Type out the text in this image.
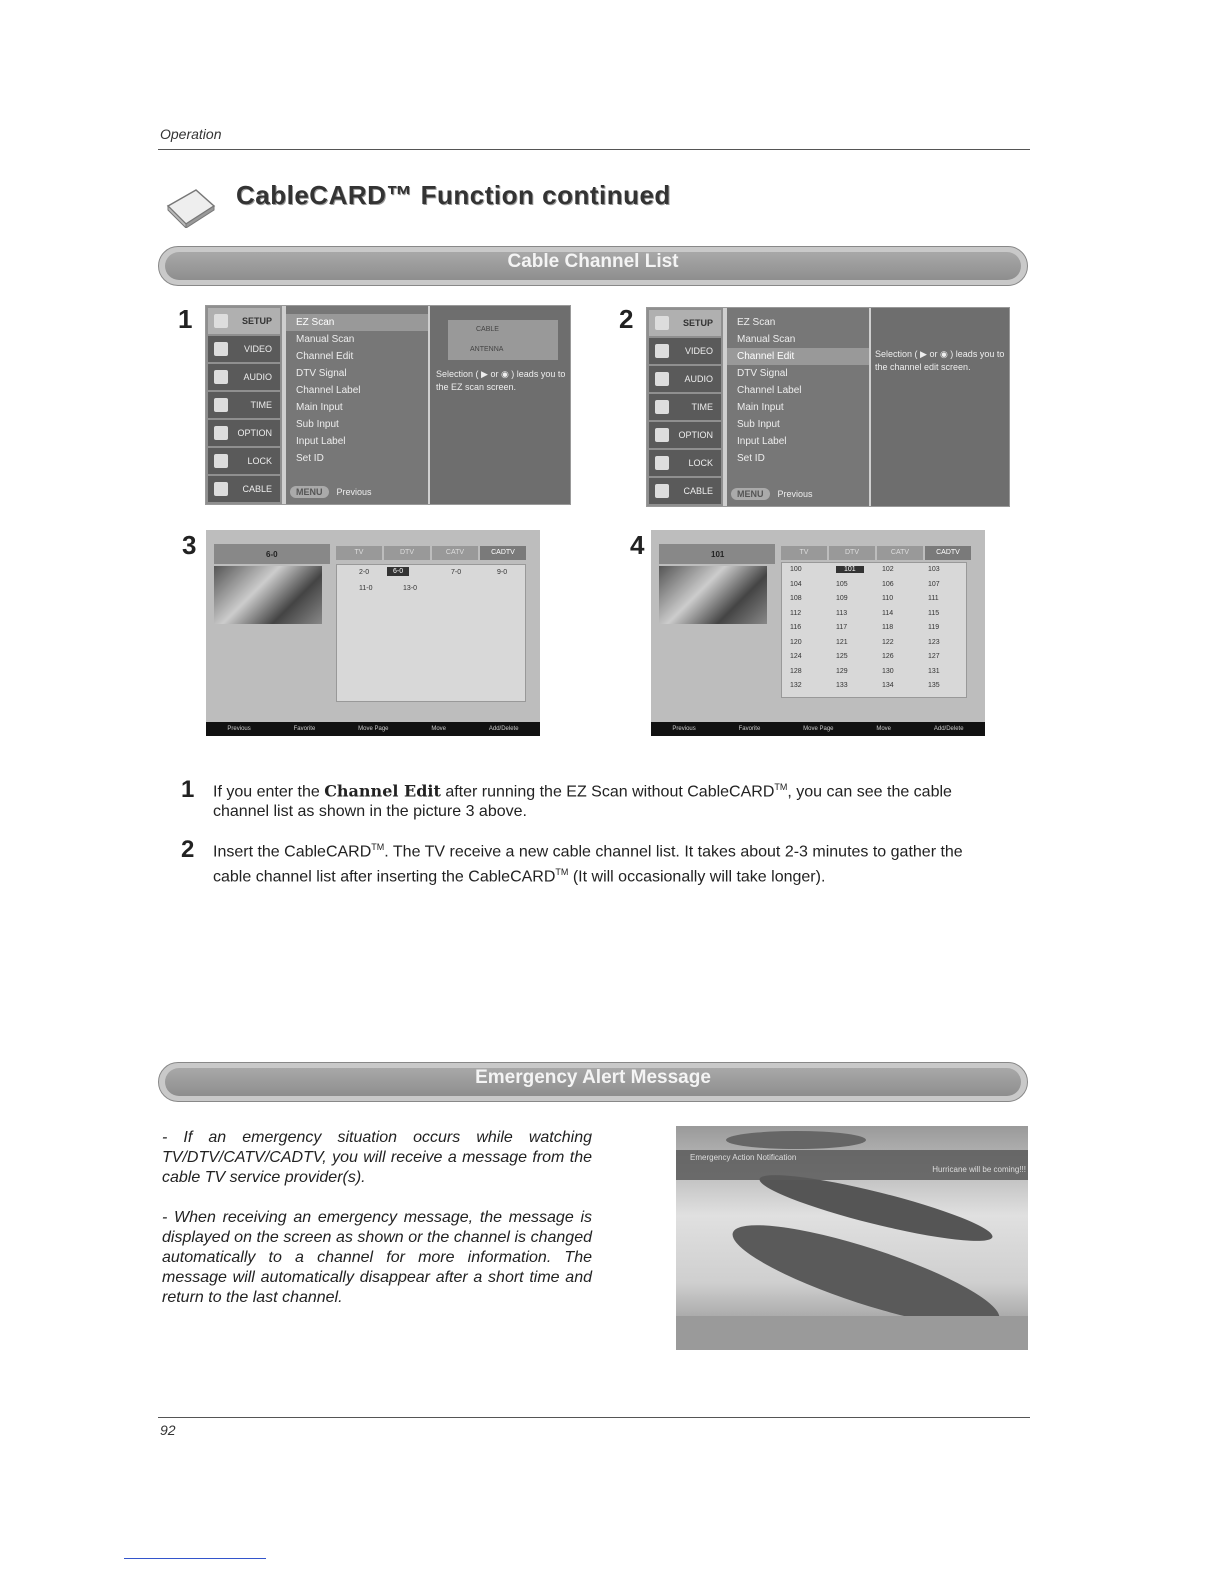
Operation
CableCARD™ Function continued
Cable Channel List
1	2
3	4
SETUP
VIDEO
AUDIO
TIME
OPTION
LOCK
CABLE
EZ Scan
Manual Scan
Channel Edit
DTV Signal
Channel Label
Main Input
Sub Input
Input Label
Set ID
MENU Previous
CABLE
ANTENNA
Selection ( ▶ or ◉ ) leads you to the EZ scan screen.
SETUP
VIDEO
AUDIO
TIME
OPTION
LOCK
CABLE
EZ Scan
Manual Scan
Channel Edit
DTV Signal
Channel Label
Main Input
Sub Input
Input Label
Set ID
MENU Previous
Selection ( ▶ or ◉ ) leads you to the channel edit screen.
6-0	TV	DTV	CATV	CADTV
2-0	6-0	7-0	9-0
11-0	13-0
Previous	Favorite	Move Page	Move	Add/Delete
101	TV	DTV	CATV	CADTV
100	101	102	103
104	105	106	107
108	109	110	111
112	113	114	115
116	117	118	119
120	121	122	123
124	125	126	127
128	129	130	131
132	133	134	135
Previous	Favorite	Move Page	Move	Add/Delete
1 If you enter the Channel Edit after running the EZ Scan without CableCARD™, you can see the cable channel list as shown in the picture 3 above.
2 Insert the CableCARD™. The TV receive a new cable channel list. It takes about 2-3 minutes to gather the cable channel list after inserting the CableCARD™ (It will occasionally will take longer).
Emergency Alert Message
- If an emergency situation occurs while watching TV/DTV/CATV/CADTV, you will receive a message from the cable TV service provider(s).
- When receiving an emergency message, the message is displayed on the screen as shown or the channel is changed automatically to a channel for more information. The message will automatically disappear after a short time and return to the last channel.
Emergency Action Notification
Hurricane will be coming!!!
92
